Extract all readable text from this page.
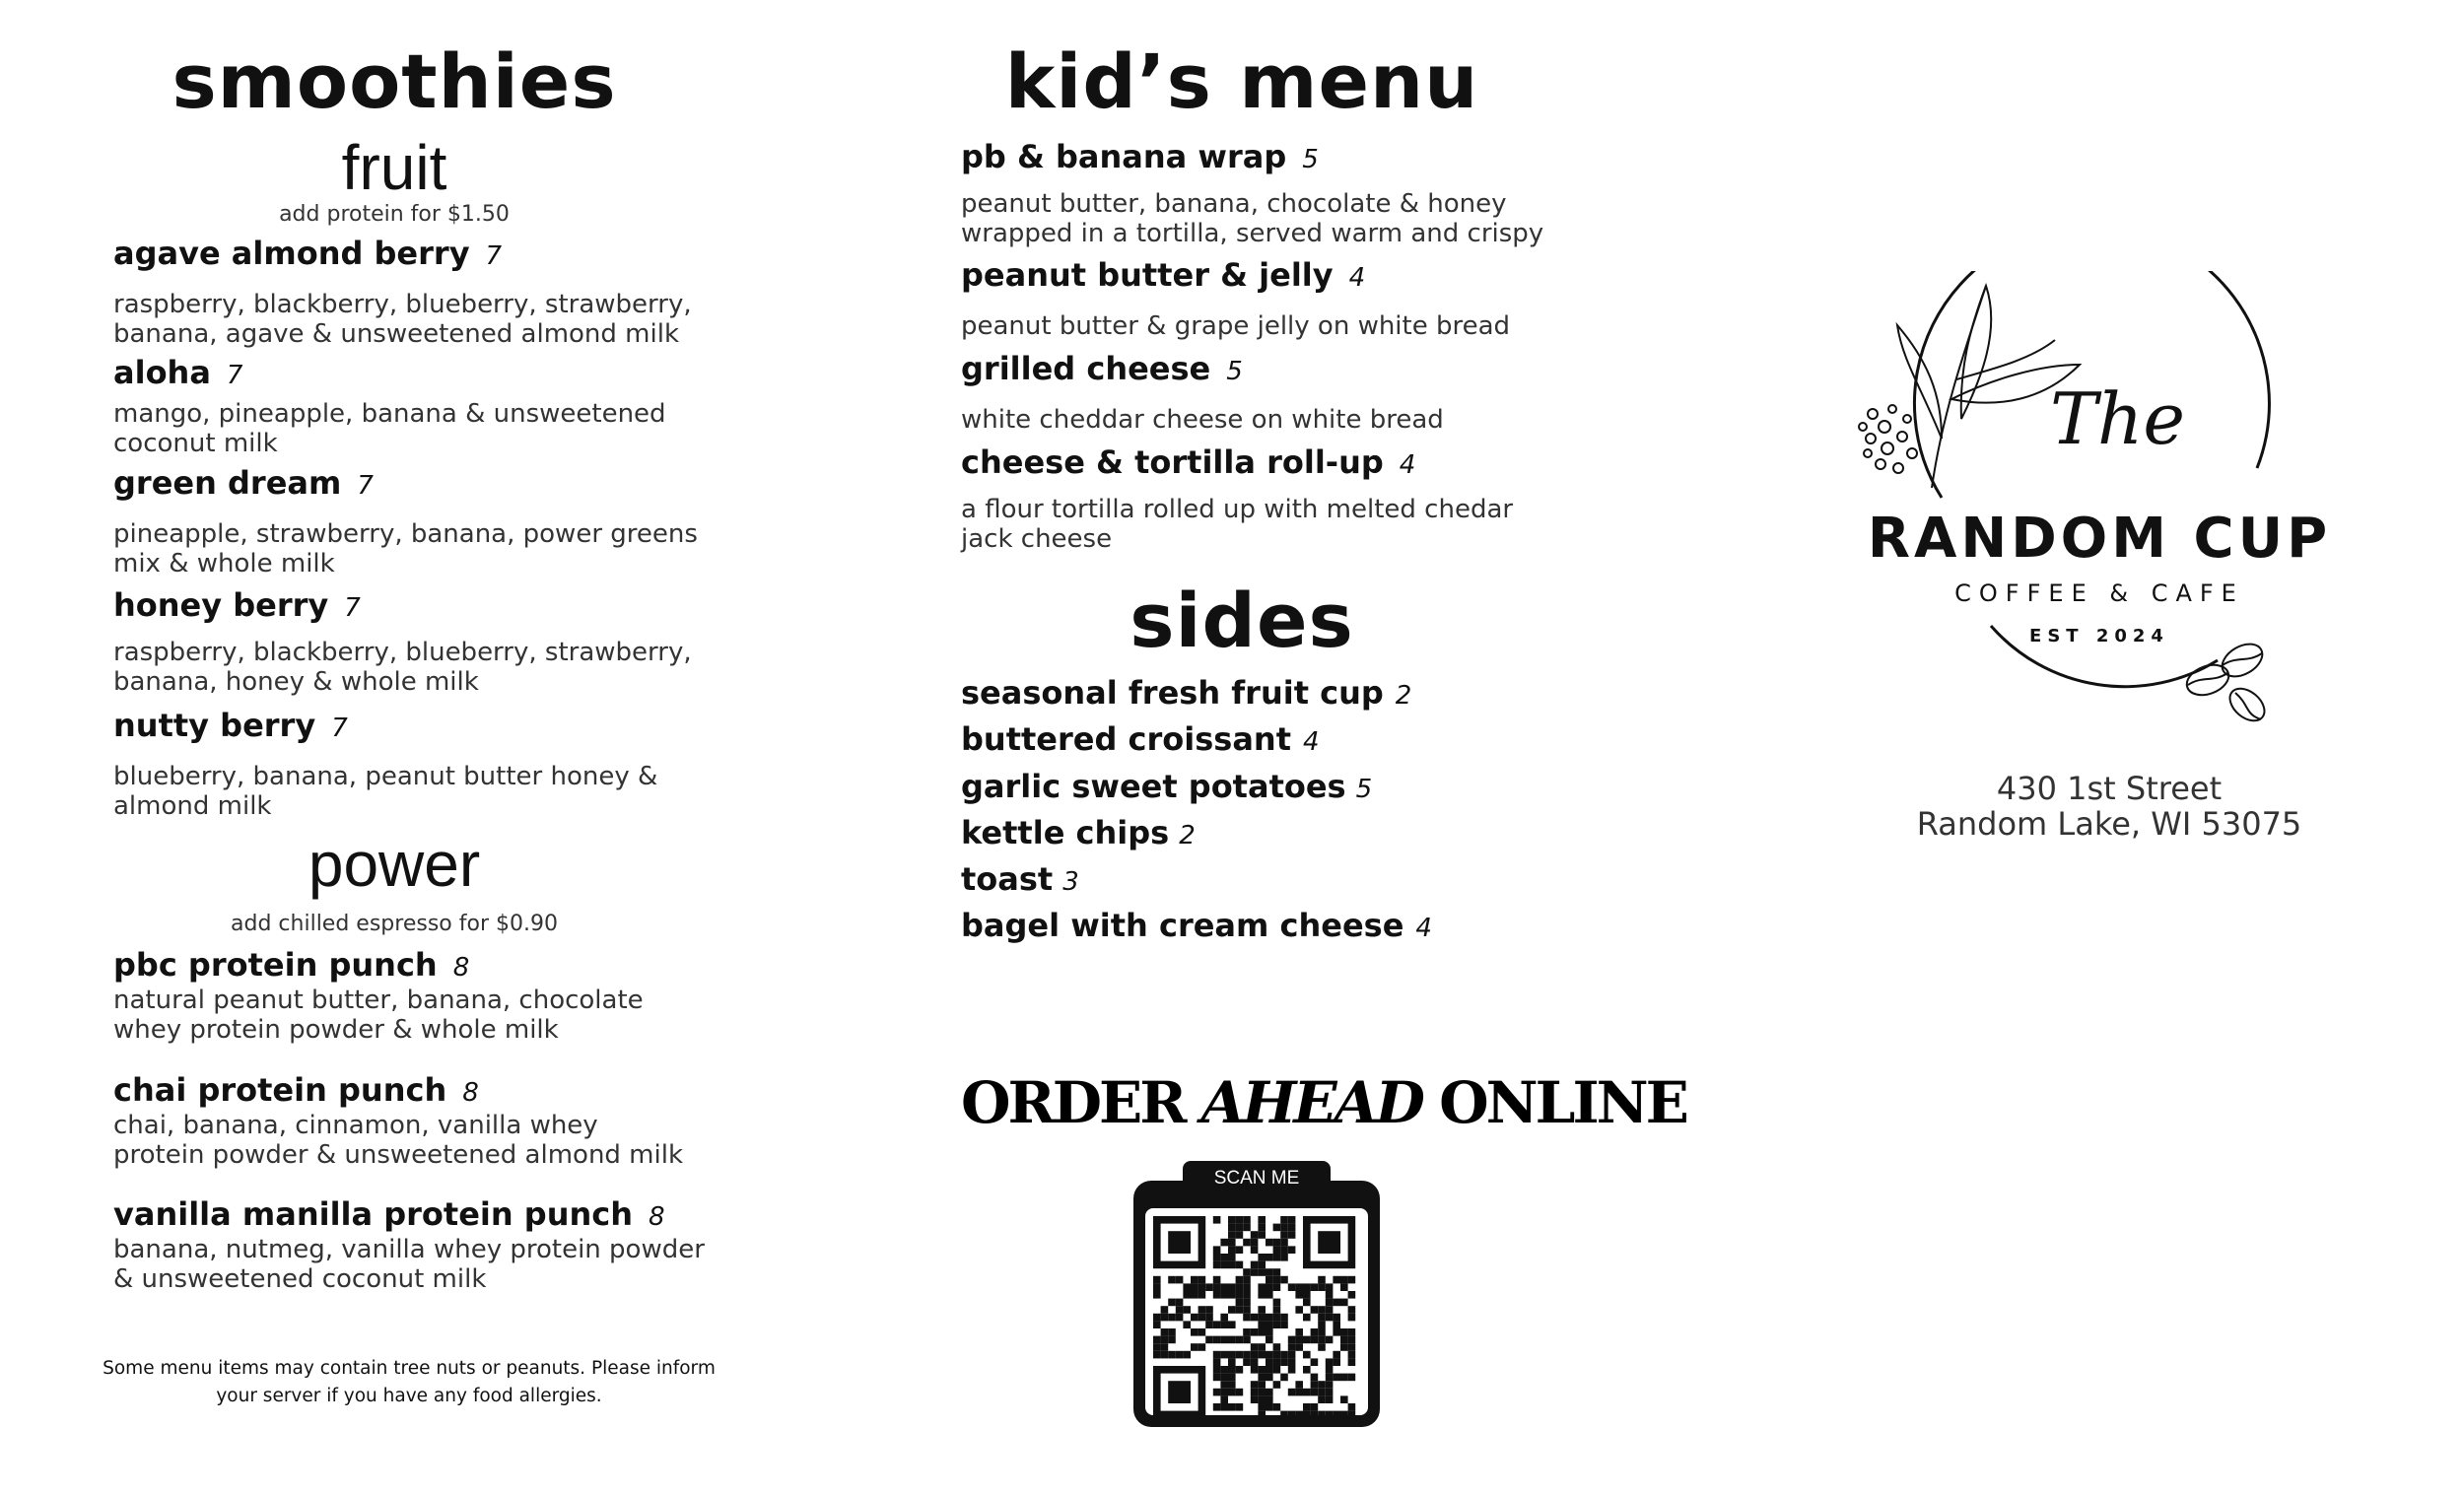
smoothies
fruit
add protein for $1.50
agave almond berry 7
raspberry, blackberry, blueberry, strawberry,
banana, agave & unsweetened almond milk
aloha 7
mango, pineapple, banana & unsweetened
coconut milk
green dream 7
pineapple, strawberry, banana, power greens
mix & whole milk
honey berry 7
raspberry, blackberry, blueberry, strawberry,
banana, honey & whole milk
nutty berry 7
blueberry, banana, peanut butter honey &
almond milk
power
add chilled espresso for $0.90
pbc protein punch 8
natural peanut butter, banana, chocolate
whey protein powder & whole milk
chai protein punch 8
chai, banana, cinnamon, vanilla whey
protein powder & unsweetened almond milk
vanilla manilla protein punch 8
banana, nutmeg, vanilla whey protein powder
& unsweetened coconut milk
Some menu items may contain tree nuts or peanuts. Please inform your server if you have any food allergies.
kid’s menu
pb & banana wrap 5
peanut butter, banana, chocolate & honey
wrapped in a tortilla, served warm and crispy
peanut butter & jelly 4
peanut butter & grape jelly on white bread
grilled cheese 5
white cheddar cheese on white bread
cheese & tortilla roll-up 4
a flour tortilla rolled up with melted chedar
jack cheese
sides
seasonal fresh fruit cup 2
buttered croissant 4
garlic sweet potatoes 5
kettle chips 2
toast 3
bagel with cream cheese 4
ORDER AHEAD ONLINE
SCAN ME
The
RANDOM CUP
COFFEE & CAFE
EST 2024
430 1st Street
Random Lake, WI 53075
